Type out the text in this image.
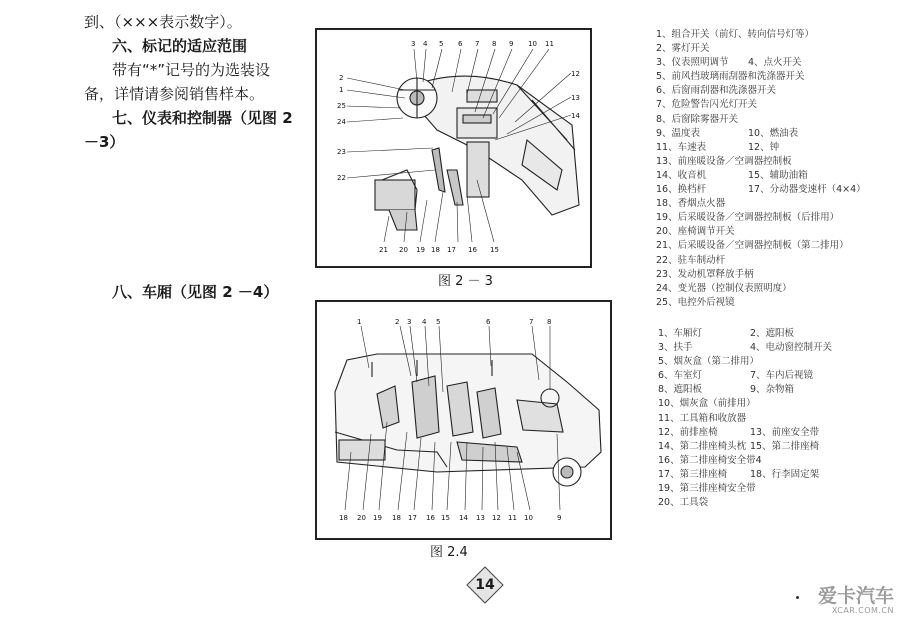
到、（×××表示数字）。
六、标记的适应范围
带有“*”记号的为选装设
备，详情请参阅销售样本。
七、仪表和控制器（见图 2
－3）
八、车厢（见图 2 －4）
3 4 5 6 7 8 9 10 11
12
13
14
2
1
25
24
23
22
21 20 19 18 17 16 15
图 2 － 3
1	2 3 4 5	6	7 8
18 20 19 18 17 16 15 14 13 12 11 10	9
图 2.4
1、组合开关（前灯、转向信号灯等）
2、雾灯开关
3、仪表照明调节	4、点火开关
5、前风挡玻璃雨刮器和洗涤器开关
6、后窗雨刮器和洗涤器开关
7、危险警告闪光灯开关
8、后窗除雾器开关
9、温度表	10、燃油表
11、车速表	12、钟
13、前座暖设备／空调器控制板
14、收音机	15、辅助油箱
16、换档杆	17、分动器变速杆（4×4）
18、香烟点火器
19、后采暖设备／空调器控制板（后排用）
20、座椅调节开关
21、后采暖设备／空调器控制板（第二排用）
22、驻车制动杆
23、发动机罩释放手柄
24、变光器（控制仪表照明度）
25、电控外后视镜
1、车厢灯	2、遮阳板
3、扶手	4、电动窗控制开关
5、烟灰盒（第二排用）
6、车室灯	7、车内后视镜
8、遮阳板	9、杂物箱
10、烟灰盒（前排用）
11、工具箱和收放器
12、前排座椅	13、前座安全带
14、第二排座椅头枕 15、第二排座椅
16、第二排座椅安全带4
17、第三排座椅	18、行李固定架
19、第三排座椅安全带
20、工具袋
14	爱卡汽车
XCAR.COM.CN
